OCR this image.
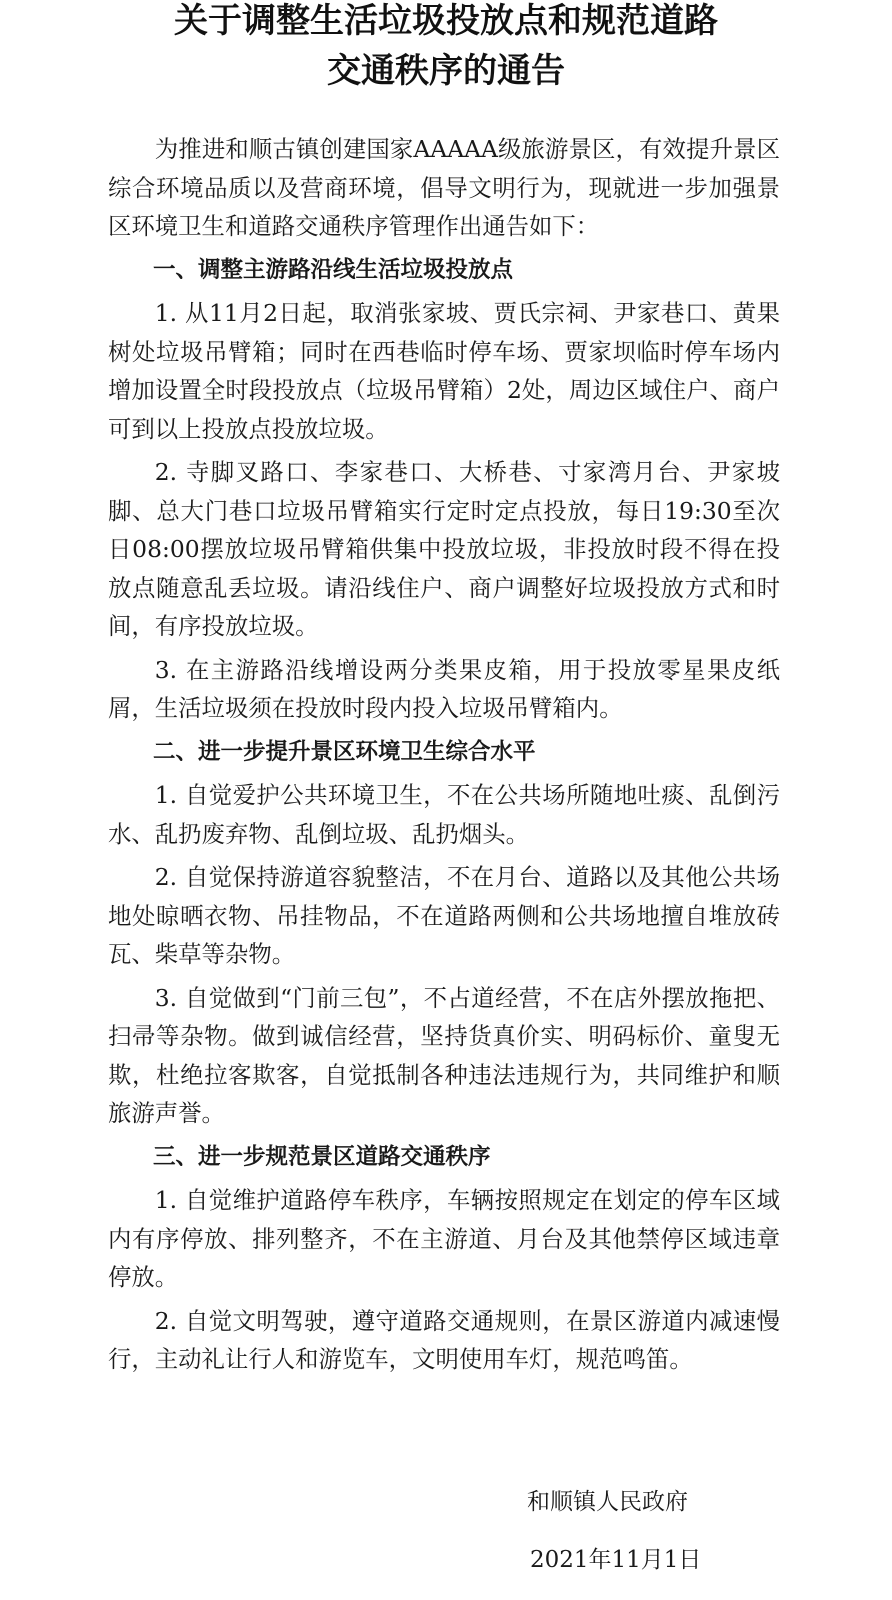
关于调整生活垃圾投放点和规范道路
交通秩序的通告

为推进和顺古镇创建国家AAAAA级旅游景区，有效提升景区综合环境品质以及营商环境，倡导文明行为，现就进一步加强景区环境卫生和道路交通秩序管理作出通告如下：

一、调整主游路沿线生活垃圾投放点

1. 从11月2日起，取消张家坡、贾氏宗祠、尹家巷口、黄果树处垃圾吊臂箱；同时在西巷临时停车场、贾家坝临时停车场内增加设置全时段投放点（垃圾吊臂箱）2处，周边区域住户、商户可到以上投放点投放垃圾。

2. 寺脚叉路口、李家巷口、大桥巷、寸家湾月台、尹家坡脚、总大门巷口垃圾吊臂箱实行定时定点投放，每日19:30至次日08:00摆放垃圾吊臂箱供集中投放垃圾，非投放时段不得在投放点随意乱丢垃圾。请沿线住户、商户调整好垃圾投放方式和时间，有序投放垃圾。

3. 在主游路沿线增设两分类果皮箱，用于投放零星果皮纸屑，生活垃圾须在投放时段内投入垃圾吊臂箱内。

二、进一步提升景区环境卫生综合水平

1. 自觉爱护公共环境卫生，不在公共场所随地吐痰、乱倒污水、乱扔废弃物、乱倒垃圾、乱扔烟头。

2. 自觉保持游道容貌整洁，不在月台、道路以及其他公共场地处晾晒衣物、吊挂物品，不在道路两侧和公共场地擅自堆放砖瓦、柴草等杂物。

3. 自觉做到“门前三包”，不占道经营，不在店外摆放拖把、扫帚等杂物。做到诚信经营，坚持货真价实、明码标价、童叟无欺，杜绝拉客欺客，自觉抵制各种违法违规行为，共同维护和顺旅游声誉。

三、进一步规范景区道路交通秩序

1. 自觉维护道路停车秩序，车辆按照规定在划定的停车区域内有序停放、排列整齐，不在主游道、月台及其他禁停区域违章停放。

2. 自觉文明驾驶，遵守道路交通规则，在景区游道内减速慢行，主动礼让行人和游览车，文明使用车灯，规范鸣笛。

和顺镇人民政府
2021年11月1日
